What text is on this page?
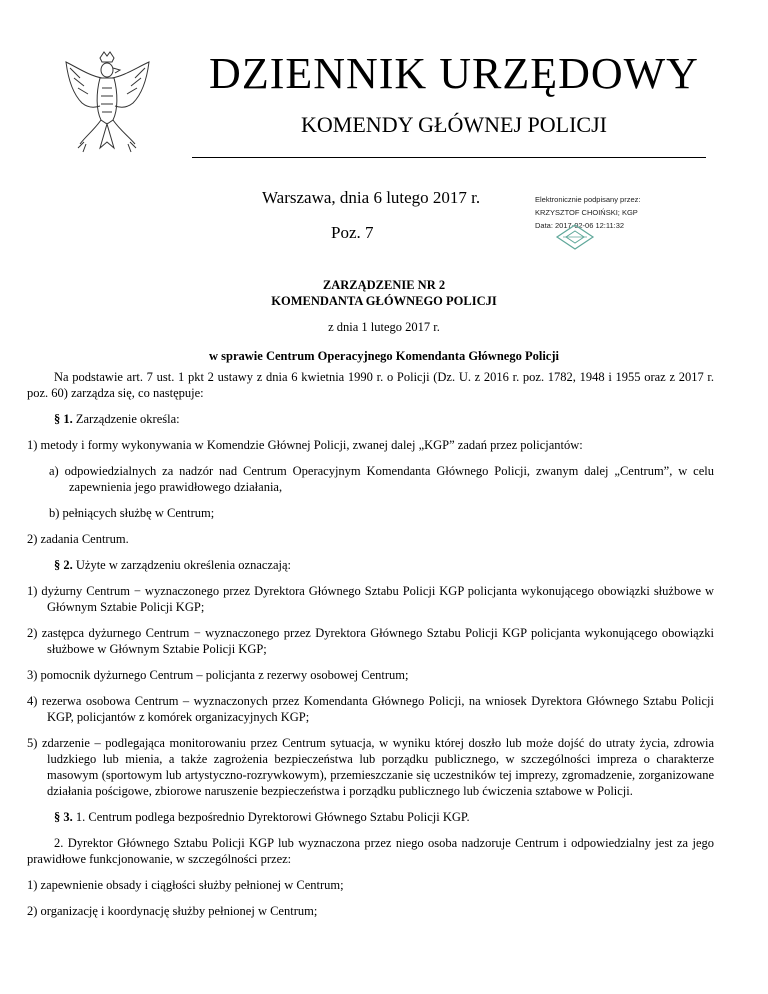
DZIENNIK URZĘDOWY
KOMENDY GŁÓWNEJ POLICJI
Warszawa, dnia 6 lutego 2017 r.
Poz. 7
Elektronicznie podpisany przez:
KRZYSZTOF CHOIŃSKI; KGP
Data: 2017-02-06 12:11:32
ZARZĄDZENIE NR 2
KOMENDANTA GŁÓWNEGO POLICJI
z dnia 1 lutego 2017 r.
w sprawie Centrum Operacyjnego Komendanta Głównego Policji

Na podstawie art. 7 ust. 1 pkt 2 ustawy z dnia 6 kwietnia 1990 r. o Policji (Dz. U. z 2016 r. poz. 1782, 1948 i 1955 oraz z 2017 r. poz. 60) zarządza się, co następuje:

§ 1. Zarządzenie określa:

1) metody i formy wykonywania w Komendzie Głównej Policji, zwanej dalej „KGP” zadań przez policjantów:

a) odpowiedzialnych za nadzór nad Centrum Operacyjnym Komendanta Głównego Policji, zwanym dalej „Centrum”, w celu zapewnienia jego prawidłowego działania,

b) pełniących służbę w Centrum;

2) zadania Centrum.

§ 2. Użyte w zarządzeniu określenia oznaczają:

1) dyżurny Centrum − wyznaczonego przez Dyrektora Głównego Sztabu Policji KGP policjanta wykonującego obowiązki służbowe w Głównym Sztabie Policji KGP;

2) zastępca dyżurnego Centrum − wyznaczonego przez Dyrektora Głównego Sztabu Policji KGP policjanta wykonującego obowiązki służbowe w Głównym Sztabie Policji KGP;

3) pomocnik dyżurnego Centrum – policjanta z rezerwy osobowej Centrum;

4) rezerwa osobowa Centrum – wyznaczonych przez Komendanta Głównego Policji, na wniosek Dyrektora Głównego Sztabu Policji KGP, policjantów z komórek organizacyjnych KGP;

5) zdarzenie – podlegająca monitorowaniu przez Centrum sytuacja, w wyniku której doszło lub może dojść do utraty życia, zdrowia ludzkiego lub mienia, a także zagrożenia bezpieczeństwa lub porządku publicznego, w szczególności impreza o charakterze masowym (sportowym lub artystyczno-rozrywkowym), przemieszczanie się uczestników tej imprezy, zgromadzenie, zorganizowane działania pościgowe, zbiorowe naruszenie bezpieczeństwa i porządku publicznego lub ćwiczenia sztabowe w Policji.

§ 3. 1. Centrum podlega bezpośrednio Dyrektorowi Głównego Sztabu Policji KGP.

2. Dyrektor Głównego Sztabu Policji KGP lub wyznaczona przez niego osoba nadzoruje Centrum i odpowiedzialny jest za jego prawidłowe funkcjonowanie, w szczególności przez:

1) zapewnienie obsady i ciągłości służby pełnionej w Centrum;

2) organizację i koordynację służby pełnionej w Centrum;
